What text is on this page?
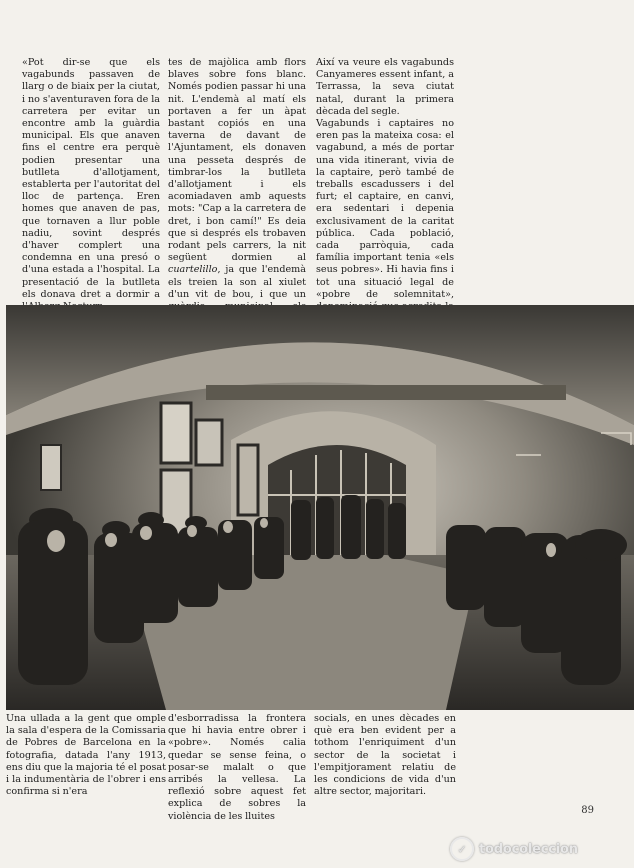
«Pot dir-se que els vagabunds passaven de llarg o de biaix per la ciutat, i no s'aventuraven fora de la carretera per evitar un encontre amb la guàrdia municipal. Els que anaven fins el centre era perquè podien presentar una butlleta d'allotjament, establerta per l'autoritat del lloc de partença. Eren homes que anaven de pas, que tornaven a llur poble nadiu, sovint després d'haver complert una condemna en una presó o d'una estada a l'hospital. La presentació de la butlleta els donava dret a dormir a

tes de majòlica amb flors blaves sobre fons blanc. Només podien passar hi una nit. L'endemà al matí els portaven a fer un àpat bastant copiós en una taverna de davant de l'Ajuntament, els donaven una pesseta després de timbrar-los la butlleta d'allotjament i els acomiadaven amb aquests mots: "Cap a la carretera de dret, i bon camí!" Es deia que si després els trobaven rodant pels carrers, la nit següent dormien al cuartelillo, ja que l'endemà els treien la son al xiulet d'un vit de bou, i que un

Així va veure els vagabunds Canyameres essent infant, a Terrassa, la seva ciutat natal, durant la primera dècada del segle.

Vagabunds i captaires no eren pas la mateixa cosa: el vagabund, a més de portar una vida itinerant, vivia de la captaire, però també de treballs escadussers i del furt; el captaire, en canvi, era sedentari i depenia exclusivament de la caritat pública. Cada població, cada parròquia, cada família important tenia «els seus pobres». Hi havia fins i tot una situació legal de «pobre de solemnitat»,

Una ullada a la gent que omple la sala d'espera de la Comissaria de Pobres de Barcelona en la fotografia, datada l'any 1913, ens diu que la majoria té el posat i la indumentària de l'obrer i ens confirma si n'era

d'esborradissa la frontera que hi havia entre obrer i «pobre». Només calia quedar se sense feina, o posar-se malalt o que arribés la vellesa. La reflexió sobre aquest fet explica de sobres la violència de les lluites

socials, en unes dècades en què era ben evident per a tothom l'enriquiment d'un sector de la societat i l'empitjorament relatiu de les condicions de vida d'un altre sector, majoritari.

89
✓ todocoleccion
